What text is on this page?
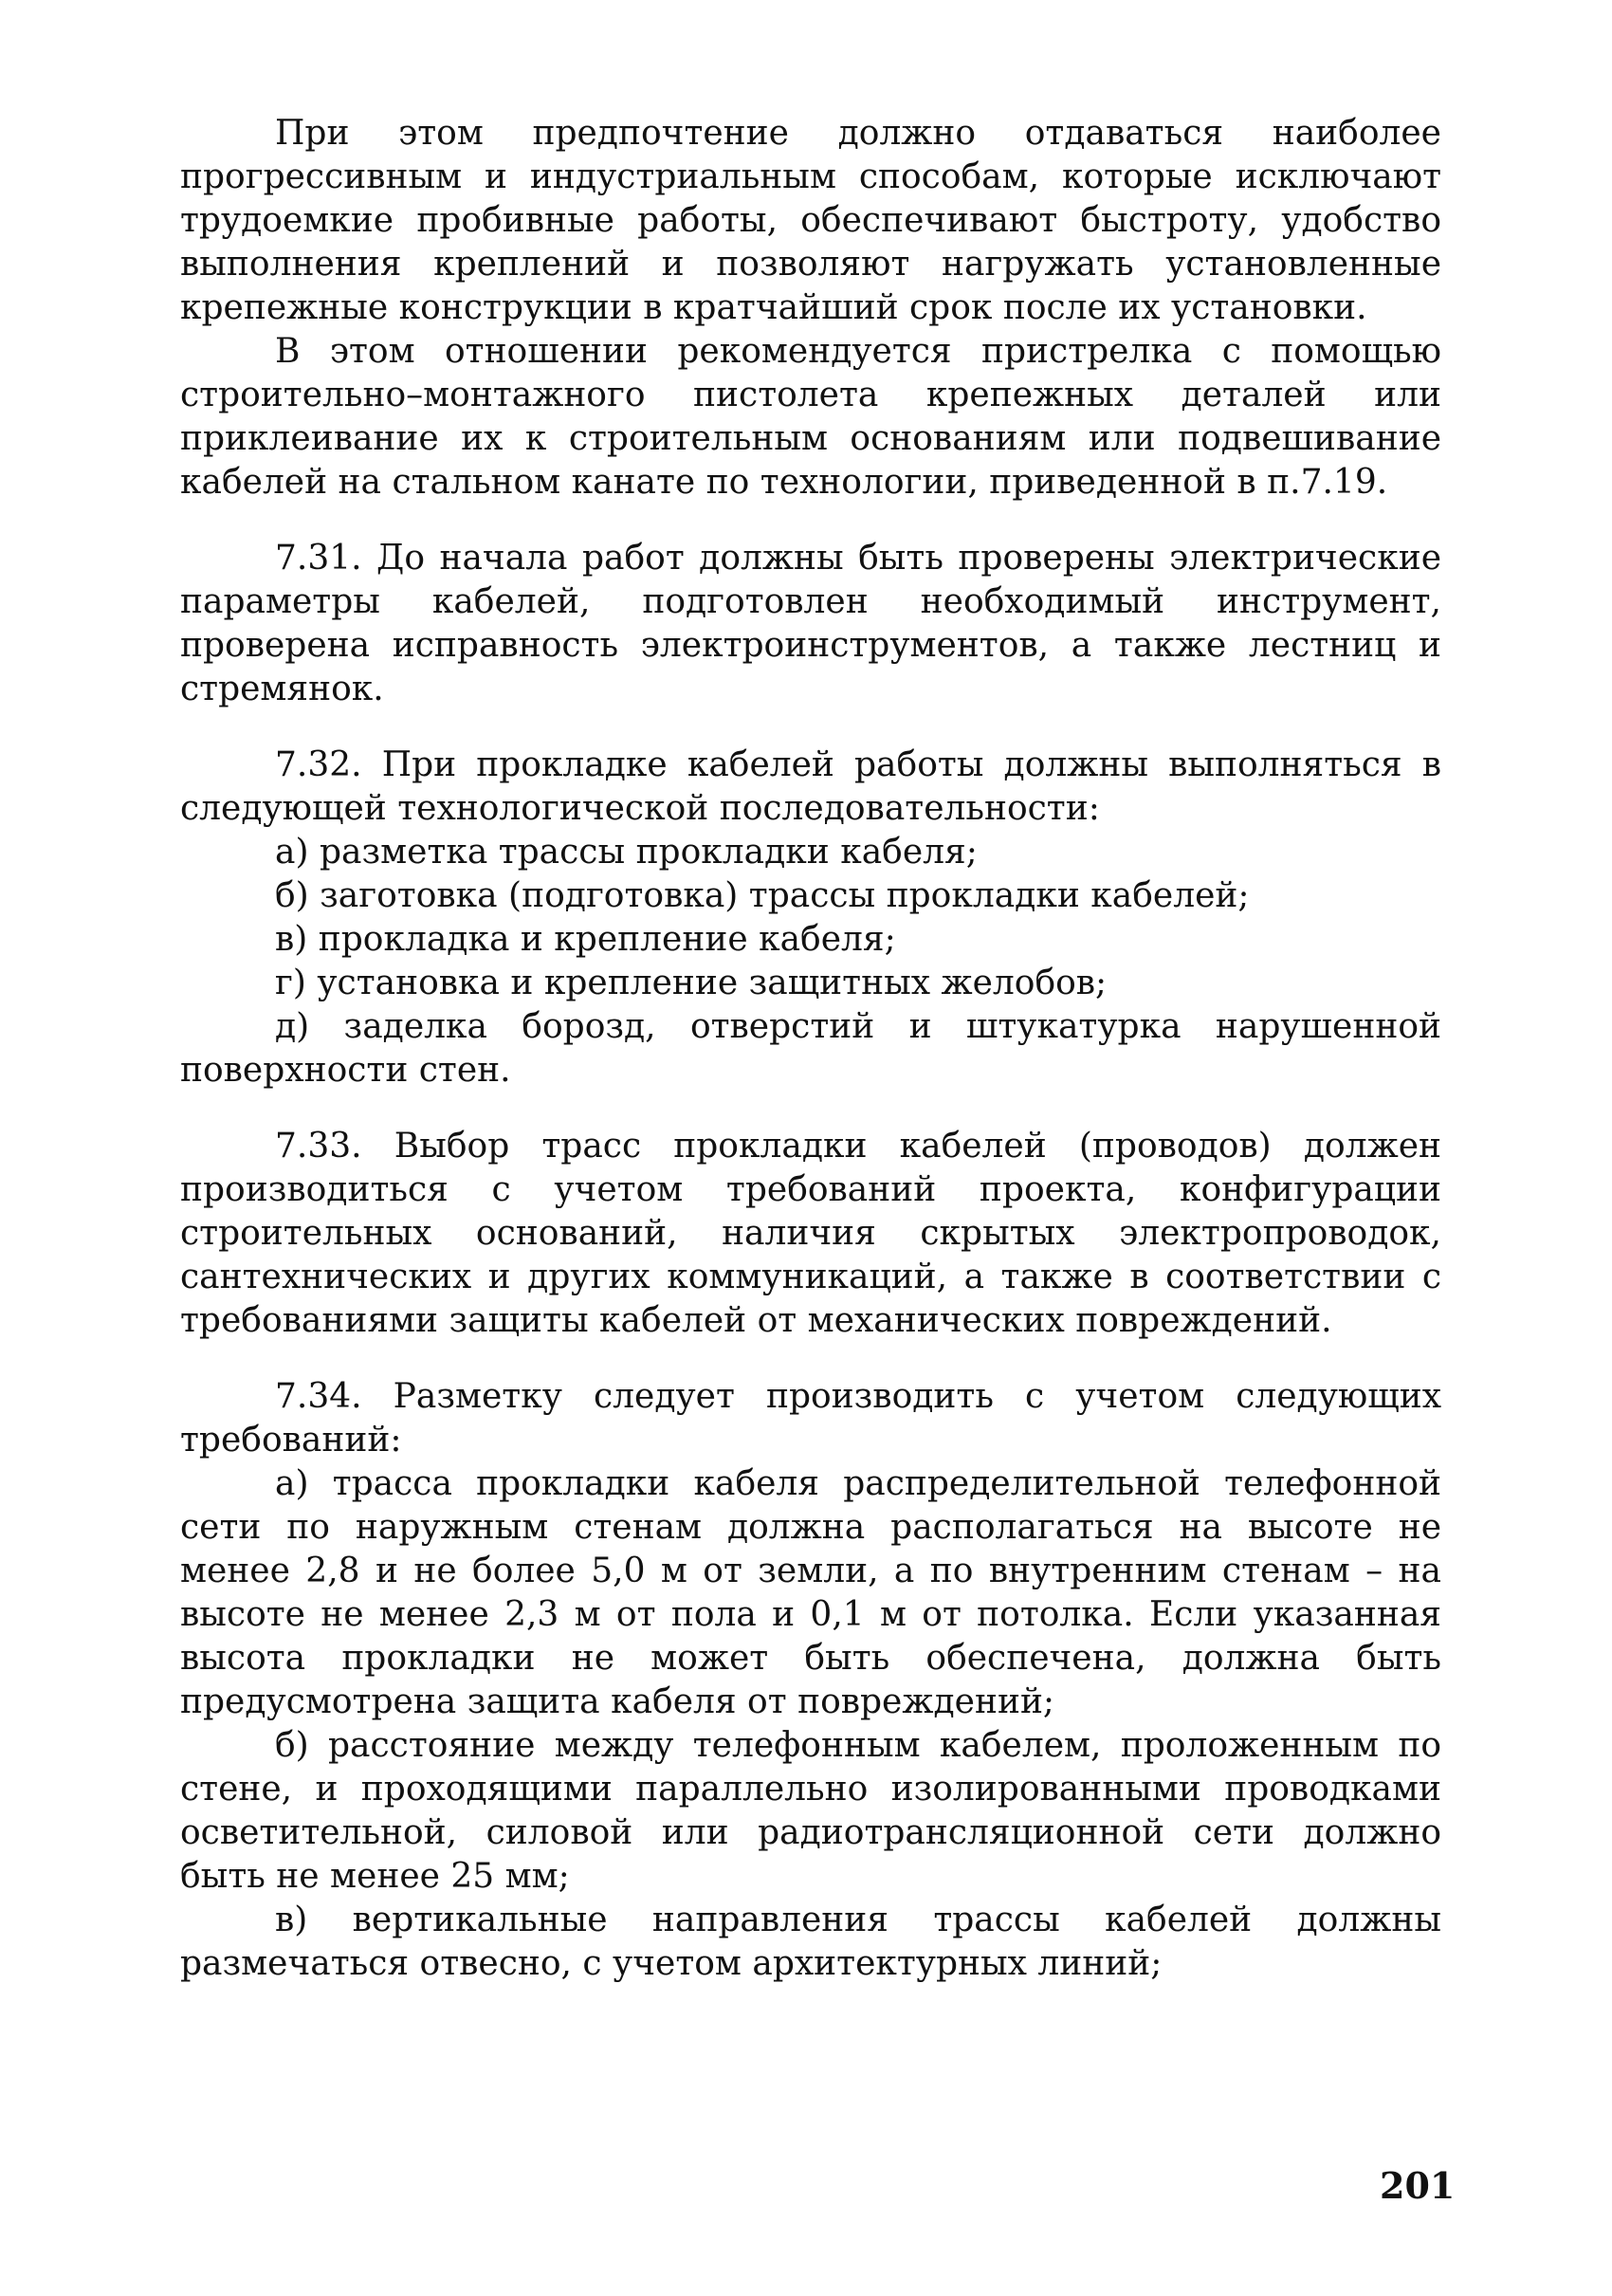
При этом предпочтение должно отдаваться наиболее прогрессивным и индустриальным способам, которые исключают трудоемкие пробивные работы, обеспечивают быстроту, удобство выполнения креплений и позволяют нагружать установленные крепежные конструкции в кратчайший срок после их установки.

В этом отношении рекомендуется пристрелка с помощью строительно–монтажного пистолета крепежных деталей или приклеивание их к строительным основаниям или подвешивание кабелей на стальном канате по технологии, приведенной в п.7.19.

7.31. До начала работ должны быть проверены электрические параметры кабелей, подготовлен необходимый инструмент, проверена исправность электроинструментов, а также лестниц и стремянок.

7.32. При прокладке кабелей работы должны выполняться в следующей технологической последовательности:

а) разметка трассы прокладки кабеля;

б) заготовка (подготовка) трассы прокладки кабелей;

в) прокладка и крепление кабеля;

г) установка и крепление защитных желобов;

д) заделка борозд, отверстий и штукатурка нарушенной поверхности стен.

7.33. Выбор трасс прокладки кабелей (проводов) должен производиться с учетом требований проекта, конфигурации строительных оснований, наличия скрытых электропроводок, сантехнических и других коммуникаций, а также в соответствии с требованиями защиты кабелей от механических повреждений.

7.34. Разметку следует производить с учетом следующих требований:

а) трасса прокладки кабеля распределительной телефонной сети по наружным стенам должна располагаться на высоте не менее 2,8 и не более 5,0 м от земли, а по внутренним стенам – на высоте не менее 2,3 м от пола и 0,1 м от потолка. Если указанная высота прокладки не может быть обеспечена, должна быть предусмотрена защита кабеля от повреждений;

б) расстояние между телефонным кабелем, проложенным по стене, и проходящими параллельно изолированными проводками осветительной, силовой или радиотрансляционной сети должно быть не менее 25 мм;

в) вертикальные направления трассы кабелей должны размечаться отвесно, с учетом архитектурных линий;

201
